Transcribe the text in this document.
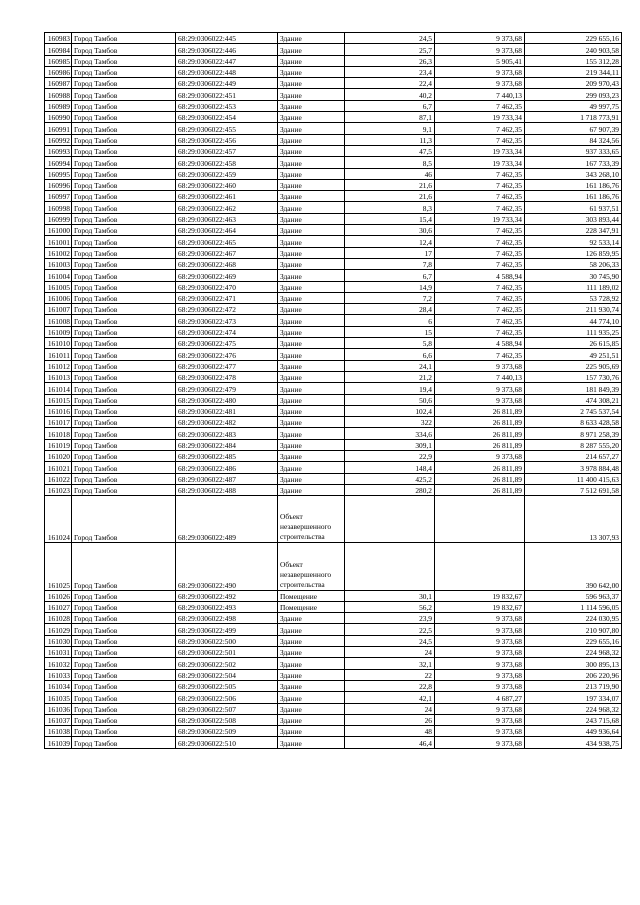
160983	Город Тамбов	68:29:0306022:445	Здание	24,5	9 373,68	229 655,16
160984	Город Тамбов	68:29:0306022:446	Здание	25,7	9 373,68	240 903,58
160985	Город Тамбов	68:29:0306022:447	Здание	26,3	5 905,41	155 312,28
160986	Город Тамбов	68:29:0306022:448	Здание	23,4	9 373,68	219 344,11
160987	Город Тамбов	68:29:0306022:449	Здание	22,4	9 373,68	209 970,43
160988	Город Тамбов	68:29:0306022:451	Здание	40,2	7 440,13	299 093,23
160989	Город Тамбов	68:29:0306022:453	Здание	6,7	7 462,35	49 997,75
160990	Город Тамбов	68:29:0306022:454	Здание	87,1	19 733,34	1 718 773,91
160991	Город Тамбов	68:29:0306022:455	Здание	9,1	7 462,35	67 907,39
160992	Город Тамбов	68:29:0306022:456	Здание	11,3	7 462,35	84 324,56
160993	Город Тамбов	68:29:0306022:457	Здание	47,5	19 733,34	937 333,65
160994	Город Тамбов	68:29:0306022:458	Здание	8,5	19 733,34	167 733,39
160995	Город Тамбов	68:29:0306022:459	Здание	46	7 462,35	343 268,10
160996	Город Тамбов	68:29:0306022:460	Здание	21,6	7 462,35	161 186,76
160997	Город Тамбов	68:29:0306022:461	Здание	21,6	7 462,35	161 186,76
160998	Город Тамбов	68:29:0306022:462	Здание	8,3	7 462,35	61 937,51
160999	Город Тамбов	68:29:0306022:463	Здание	15,4	19 733,34	303 893,44
161000	Город Тамбов	68:29:0306022:464	Здание	30,6	7 462,35	228 347,91
161001	Город Тамбов	68:29:0306022:465	Здание	12,4	7 462,35	92 533,14
161002	Город Тамбов	68:29:0306022:467	Здание	17	7 462,35	126 859,95
161003	Город Тамбов	68:29:0306022:468	Здание	7,8	7 462,35	58 206,33
161004	Город Тамбов	68:29:0306022:469	Здание	6,7	4 588,94	30 745,90
161005	Город Тамбов	68:29:0306022:470	Здание	14,9	7 462,35	111 189,02
161006	Город Тамбов	68:29:0306022:471	Здание	7,2	7 462,35	53 728,92
161007	Город Тамбов	68:29:0306022:472	Здание	28,4	7 462,35	211 930,74
161008	Город Тамбов	68:29:0306022:473	Здание	6	7 462,35	44 774,10
161009	Город Тамбов	68:29:0306022:474	Здание	15	7 462,35	111 935,25
161010	Город Тамбов	68:29:0306022:475	Здание	5,8	4 588,94	26 615,85
161011	Город Тамбов	68:29:0306022:476	Здание	6,6	7 462,35	49 251,51
161012	Город Тамбов	68:29:0306022:477	Здание	24,1	9 373,68	225 905,69
161013	Город Тамбов	68:29:0306022:478	Здание	21,2	7 440,13	157 730,76
161014	Город Тамбов	68:29:0306022:479	Здание	19,4	9 373,68	181 849,39
161015	Город Тамбов	68:29:0306022:480	Здание	50,6	9 373,68	474 308,21
161016	Город Тамбов	68:29:0306022:481	Здание	102,4	26 811,89	2 745 537,54
161017	Город Тамбов	68:29:0306022:482	Здание	322	26 811,89	8 633 428,58
161018	Город Тамбов	68:29:0306022:483	Здание	334,6	26 811,89	8 971 258,39
161019	Город Тамбов	68:29:0306022:484	Здание	309,1	26 811,89	8 287 555,20
161020	Город Тамбов	68:29:0306022:485	Здание	22,9	9 373,68	214 657,27
161021	Город Тамбов	68:29:0306022:486	Здание	148,4	26 811,89	3 978 884,48
161022	Город Тамбов	68:29:0306022:487	Здание	425,2	26 811,89	11 400 415,63
161023	Город Тамбов	68:29:0306022:488	Здание	280,2	26 811,89	7 512 691,58
161024	Город Тамбов	68:29:0306022:489	Объект незавершенного строительства			13 307,93
161025	Город Тамбов	68:29:0306022:490	Объект незавершенного строительства			390 642,00
161026	Город Тамбов	68:29:0306022:492	Помещение	30,1	19 832,67	596 963,37
161027	Город Тамбов	68:29:0306022:493	Помещение	56,2	19 832,67	1 114 596,05
161028	Город Тамбов	68:29:0306022:498	Здание	23,9	9 373,68	224 030,95
161029	Город Тамбов	68:29:0306022:499	Здание	22,5	9 373,68	210 907,80
161030	Город Тамбов	68:29:0306022:500	Здание	24,5	9 373,68	229 655,16
161031	Город Тамбов	68:29:0306022:501	Здание	24	9 373,68	224 968,32
161032	Город Тамбов	68:29:0306022:502	Здание	32,1	9 373,68	300 895,13
161033	Город Тамбов	68:29:0306022:504	Здание	22	9 373,68	206 220,96
161034	Город Тамбов	68:29:0306022:505	Здание	22,8	9 373,68	213 719,90
161035	Город Тамбов	68:29:0306022:506	Здание	42,1	4 687,27	197 334,07
161036	Город Тамбов	68:29:0306022:507	Здание	24	9 373,68	224 968,32
161037	Город Тамбов	68:29:0306022:508	Здание	26	9 373,68	243 715,68
161038	Город Тамбов	68:29:0306022:509	Здание	48	9 373,68	449 936,64
161039	Город Тамбов	68:29:0306022:510	Здание	46,4	9 373,68	434 938,75
